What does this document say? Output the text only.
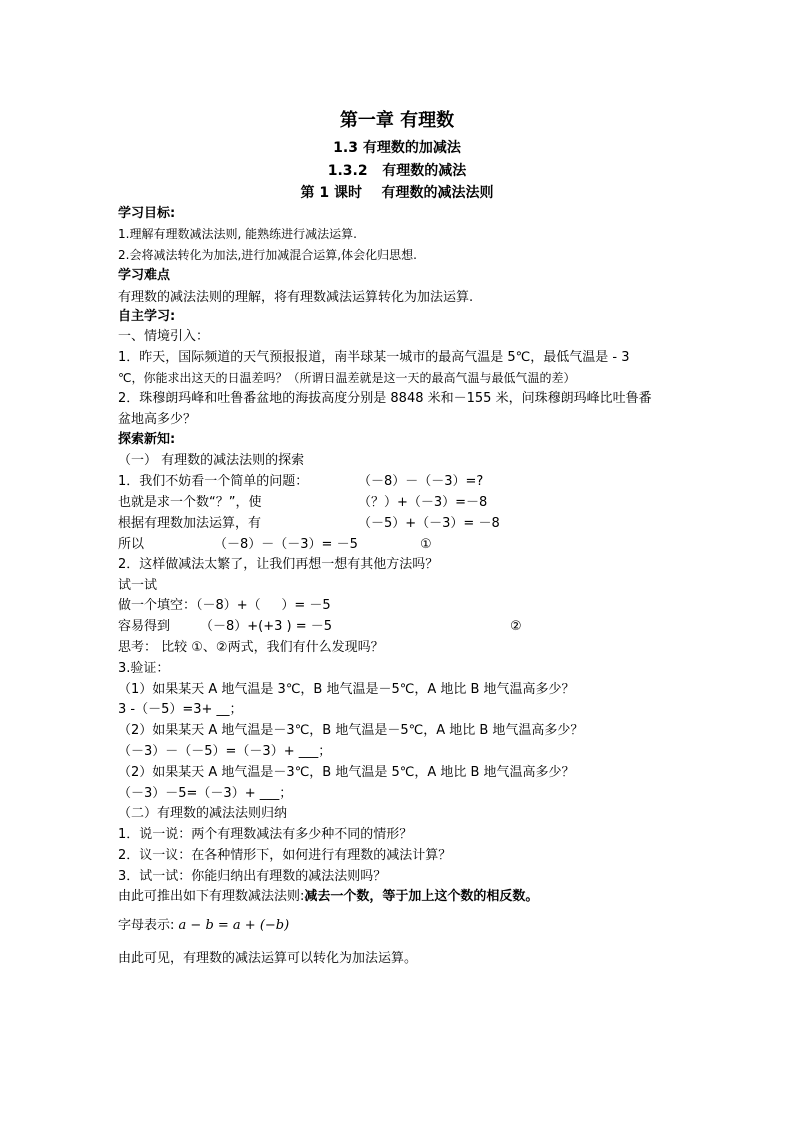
第一章 有理数
1.3 有理数的加减法
1.3.2   有理数的减法
第 1 课时    有理数的减法法则
学习目标:
1.理解有理数减法法则, 能熟练进行减法运算.
2.会将减法转化为加法,进行加减混合运算,体会化归思想.
学习难点
有理数的减法法则的理解，将有理数减法运算转化为加法运算.
自主学习:
一、情境引入：
1．昨天，国际频道的天气预报报道，南半球某一城市的最高气温是 5℃，最低气温是 - 3
℃，你能求出这天的日温差吗？（所谓日温差就是这一天的最高气温与最低气温的差）
2．珠穆朗玛峰和吐鲁番盆地的海拔高度分别是 8848 米和－155 米，问珠穆朗玛峰比吐鲁番
盆地高多少？
探索新知:
（一） 有理数的减法法则的探索
1．我们不妨看一个简单的问题：	（－8）－（－3）=?
也就是求一个数“？”，使	（？）+（－3）=－8
根据有理数加法运算，有	（－5）+（－3）= －8
所以	（－8）－（－3）= －5	①
2．这样做减法太繁了，让我们再想一想有其他方法吗？
试一试
做一个填空：（－8）+（     ）= －5
容易得到 （－8）+(+3 ) = －5	②
思考： 比较 ①、②两式，我们有什么发现吗？
3.验证：
（1）如果某天 A 地气温是 3℃，B 地气温是－5℃，A 地比 B 地气温高多少？
3 -（－5）=3+ __；
（2）如果某天 A 地气温是－3℃，B 地气温是－5℃，A 地比 B 地气温高多少？
（－3）－（－5）=（－3）+ ___；
（2）如果某天 A 地气温是－3℃，B 地气温是 5℃，A 地比 B 地气温高多少？
（－3）－5=（－3）+ ___；
（二）有理数的减法法则归纳
1．说一说：两个有理数减法有多少种不同的情形？
2．议一议：在各种情形下，如何进行有理数的减法计算？
3．试一试：你能归纳出有理数的减法法则吗？
由此可推出如下有理数减法法则:减去一个数，等于加上这个数的相反数。
字母表示: a − b = a + (−b)
由此可见，有理数的减法运算可以转化为加法运算。
